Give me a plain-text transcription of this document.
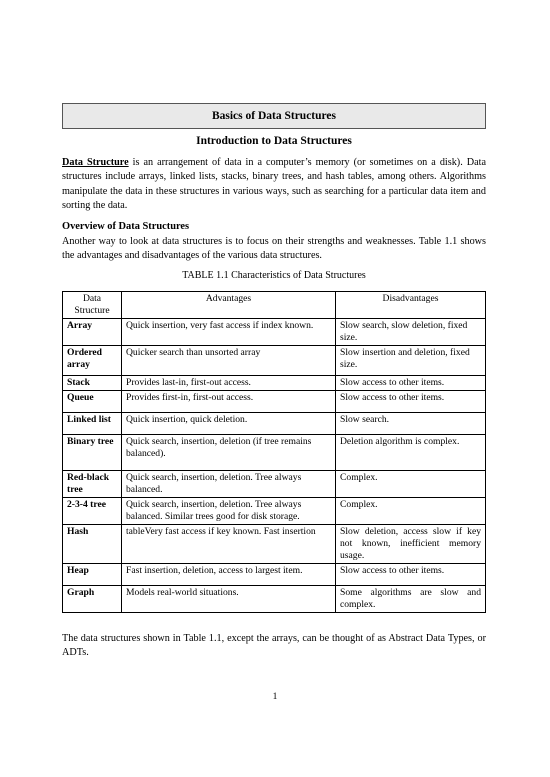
Basics of Data Structures
Introduction to Data Structures
Data Structure is an arrangement of data in a computer’s memory (or sometimes on a disk). Data structures include arrays, linked lists, stacks, binary trees, and hash tables, among others. Algorithms manipulate the data in these structures in various ways, such as searching for a particular data item and sorting the data.
Overview of Data Structures
Another way to look at data structures is to focus on their strengths and weaknesses. Table 1.1 shows the advantages and disadvantages of the various data structures.
TABLE 1.1 Characteristics of Data Structures
Data Structure	Advantages	Disadvantages
Array	Quick insertion, very fast access if index known.	Slow search, slow deletion, fixed size.
Ordered array	Quicker search than unsorted array	Slow insertion and deletion, fixed size.
Stack	Provides last-in, first-out access.	Slow access to other items.
Queue	Provides first-in, first-out access.	Slow access to other items.
Linked list	Quick insertion, quick deletion.	Slow search.
Binary tree	Quick search, insertion, deletion (if tree remains balanced).	Deletion algorithm is complex.
Red-black tree	Quick search, insertion, deletion. Tree always balanced.	Complex.
2-3-4 tree	Quick search, insertion, deletion. Tree always balanced. Similar trees good for disk storage.	Complex.
Hash	tableVery fast access if key known. Fast insertion	Slow deletion, access slow if key not known, inefficient memory usage.
Heap	Fast insertion, deletion, access to largest item.	Slow access to other items.
Graph	Models real-world situations.	Some algorithms are slow and complex.
The data structures shown in Table 1.1, except the arrays, can be thought of as Abstract Data Types, or ADTs.
1
